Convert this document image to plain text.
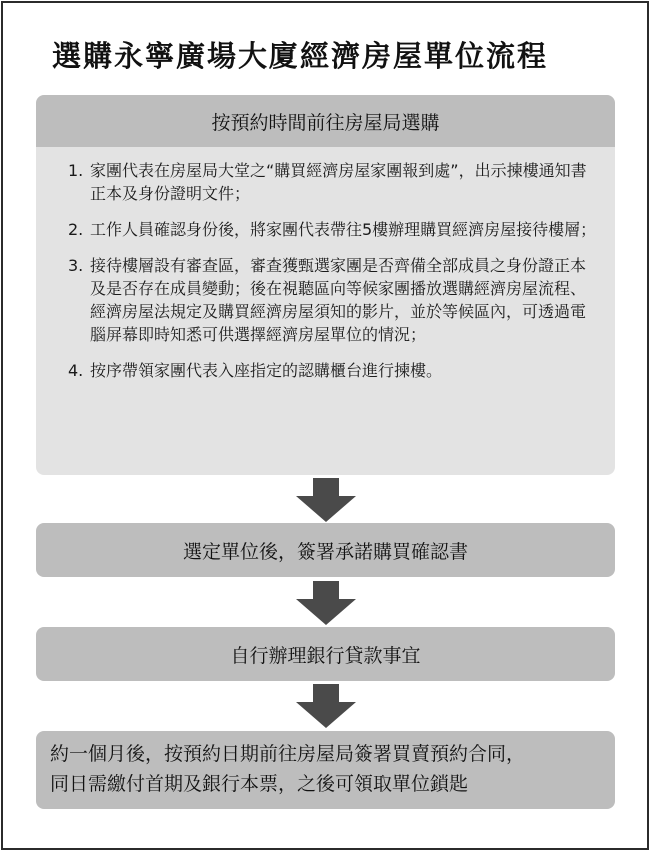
選購永寧廣場大廈經濟房屋單位流程
按預約時間前往房屋局選購
1. 家團代表在房屋局大堂之“購買經濟房屋家團報到處”，出示揀樓通知書正本及身份證明文件；
2. 工作人員確認身份後，將家團代表帶往5樓辦理購買經濟房屋接待樓層；
3. 接待樓層設有審查區，審查獲甄選家團是否齊備全部成員之身份證正本及是否存在成員變動；後在視聽區向等候家團播放選購經濟房屋流程、經濟房屋法規定及購買經濟房屋須知的影片，並於等候區內，可透過電腦屏幕即時知悉可供選擇經濟房屋單位的情況；
4. 按序帶領家團代表入座指定的認購櫃台進行揀樓。
選定單位後，簽署承諾購買確認書
自行辦理銀行貸款事宜
約一個月後，按預約日期前往房屋局簽署買賣預約合同，
同日需繳付首期及銀行本票，之後可領取單位鎖匙
